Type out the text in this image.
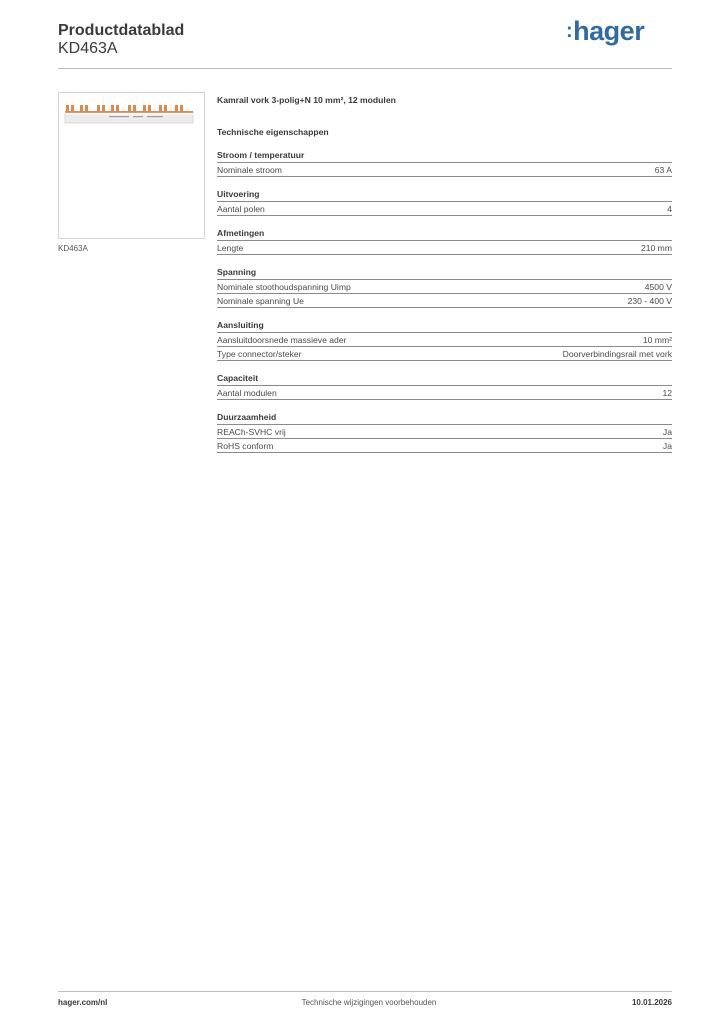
Productdatablad
KD463A
:hager
KD463A
Kamrail vork 3-polig+N 10 mm², 12 modulen
Technische eigenschappen
Stroom / temperatuur
Nominale stroom	63 A
Uitvoering
Aantal polen	4
Afmetingen
Lengte	210 mm
Spanning
Nominale stoothoudspanning Uimp	4500 V
Nominale spanning Ue	230 - 400 V
Aansluiting
Aansluitdoorsnede massieve ader	10 mm²
Type connector/steker	Doorverbindingsrail met vork
Capaciteit
Aantal modulen	12
Duurzaamheid
REACh-SVHC vrij	Ja
RoHS conform	Ja
hager.com/nl	Technische wijzigingen voorbehouden	10.01.2026
